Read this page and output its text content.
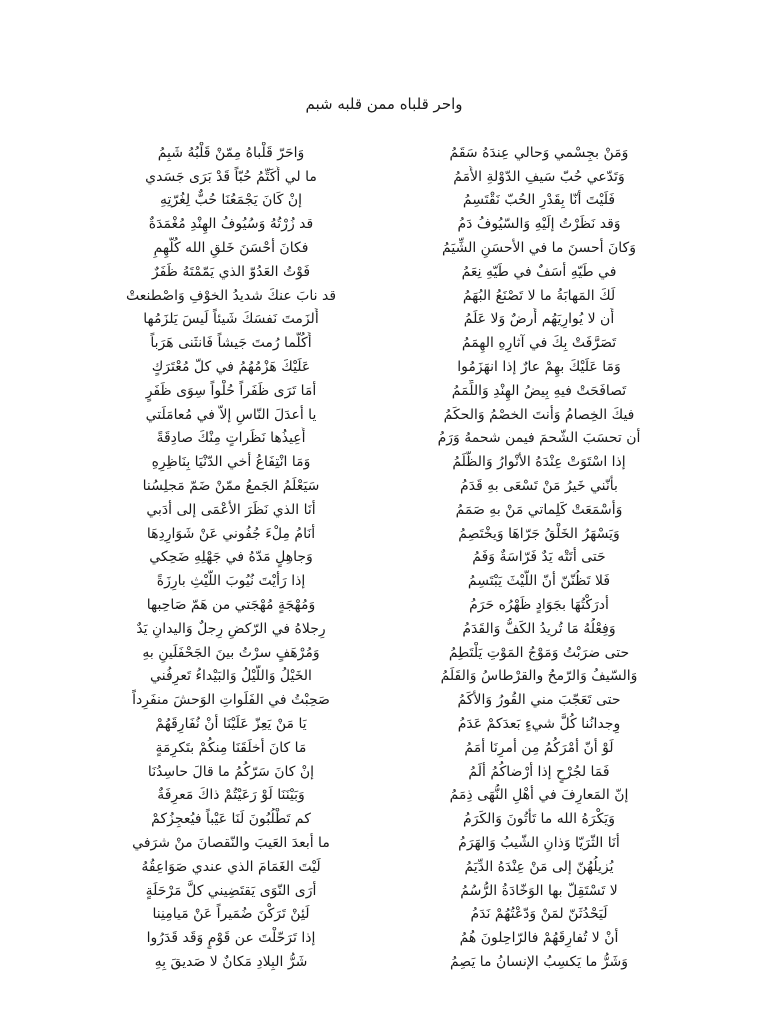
واحر قلباه ممن قلبه شبم
وَمَنْ بجِسْمي وَحالي عِندَهُ سَقَمُ
وَاحَرّ قَلْباهُ مِمّنْ قَلْبُهُ شَبِمُ
وَتَدّعي حُبّ سَيفِ الدّوْلةِ الأُمَمُ
ما لي أُكَتِّمُ حُبّاً قَدْ بَرَى جَسَدي
فَلَيْتَ أنّا بِقَدْرِ الحُبّ نَقْتَسِمُ
إنْ كَانَ يَجْمَعُنَا حُبٌّ لِغُرّتِهِ
وَقد نَظَرْتُ إلَيْهِ وَالسّيُوفُ دَمُ
قد زُرْتُهُ وَسُيُوفُ الهِنْدِ مُغْمَدَةٌ
وَكانَ أحسنَ ما في الأحسَنِ الشِّيَمُ
فكانَ أحْسَنَ خَلقِ الله كُلّهِمِ
في طَيّهِ أسَفٌ في طَيّهِ نِعَمُ
فَوْتُ العَدُوّ الذي يَمّمْتَهُ ظَفَرٌ
لَكَ المَهابَةُ ما لا تَصْنَعُ البُهَمُ
قد نابَ عنكَ شديدُ الخوْفِ وَاصْطنعتْ
أَن لا يُوارِيَهُم أَرضٌ وَلا عَلَمُ
أَلزَمتَ نَفسَكَ شَيئاً لَيسَ يَلزَمُها
تَصَرَّفَتْ بِكَ في آثارِهِ الهِمَمُ
أَكُلَّما رُمتَ جَيشاً فَانثَنى هَرَباً
وَمَا عَلَيْكَ بهِمْ عارٌ إذا انهَزَمُوا
عَلَيْكَ هَزْمُهُمُ في كلّ مُعْتَرَكٍ
تَصافَحَتْ فيهِ بِيضُ الهِنْدِ وَاللِّمَمُ
أمَا تَرَى ظَفَراً حُلْواً سِوَى ظَفَرٍ
فيكَ الخِصامُ وَأنتَ الخصْمُ وَالحكَمُ
يا أعدَلَ النّاسِ إلاّ في مُعامَلَتي
أن تحسَبَ الشّحمَ فيمن شحمهُ وَرَمُ
أُعِيذُها نَظَراتٍ مِنْكَ صادِقَةً
إذا اسْتَوَتْ عِنْدَهُ الأنْوارُ وَالظُّلَمُ
وَمَا انْتِفَاعُ أخي الدّنْيَا بِنَاظِرِهِ
بأنّني خَيرُ مَنْ تَسْعَى بهِ قَدَمُ
سَيَعْلَمُ الجَمعُ ممّنْ ضَمّ مَجلِسُنا
وَأسْمَعَتْ كَلِماتي مَنْ بهِ صَمَمُ
أنَا الذي نَظَرَ الأعْمَى إلى أدَبي
وَيَسْهَرُ الخَلْقُ جَرّاهَا وَيخْتَصِمُ
أنَامُ مِلْءَ جُفُوني عَنْ شَوَارِدِهَا
حَتى أتَتْه يَدٌ فَرّاسَةٌ وَفَمُ
وَجاهِلٍ مَدّهُ في جَهْلِهِ ضَحِكي
فَلا تَظُنّنّ أنّ اللّيْثَ يَبْتَسِمُ
إذا رَأيْتَ نُيُوبَ اللّيْثِ بارِزَةً
أدرَكْتُهَا بجَوَادٍ ظَهْرُه حَرَمُ
وَمُهْجَةٍ مُهْجَتي من هَمّ صَاحِبها
وَفِعْلُهُ مَا تُريدُ الكَفُّ وَالقَدَمُ
رِجلاهُ في الرّكضِ رِجلٌ وَاليدانِ يَدٌ
حتى ضرَبْتُ وَمَوْجُ المَوْتِ يَلْتَطِمُ
وَمُرْهَفٍ سرْتُ بينَ الجَحْفَلَينِ بهِ
وَالسّيفُ وَالرّمحُ والقرْطاسُ وَالقَلَمُ
الخَيْلُ وَاللّيْلُ وَالبَيْداءُ تَعرِفُني
حتى تَعَجّبَ مني القُورُ وَالأكَمُ
صَحِبْتُ في الفَلَواتِ الوَحشَ منفَرِداً
وِجدانُنا كُلَّ شيءٍ بَعدَكمْ عَدَمُ
يَا مَنْ يَعِزّ عَلَيْنَا أنْ نُفَارِقَهُمْ
لَوْ أنّ أمْرَكُمُ مِن أمرِنَا أمَمُ
مَا كانَ أخلَقَنَا مِنكُمْ بتَكرِمَةٍ
فَمَا لجُرْحٍ إذا أرْضاكُمُ ألَمُ
إنْ كانَ سَرّكُمُ ما قالَ حاسِدُنَا
إنّ المَعارِفَ في أهْلِ النُّهَى ذِمَمُ
وَبَيْنَنَا لَوْ رَعَيْتُمْ ذاكَ مَعرِفَةٌ
وَيَكْرَهُ الله ما تَأتُونَ وَالكَرَمُ
كم تَطْلُبُونَ لَنَا عَيْباً فيُعجِزُكمْ
أنَا الثّرَيّا وَذانِ الشّيبُ وَالهَرَمُ
ما أبعدَ العَيبَ والنّقصانَ منْ شرَفي
يُزيلُهُنّ إلى مَنْ عِنْدَهُ الدِّيَمُ
لَيْتَ الغَمَامَ الذي عندي صَوَاعِقُهُ
لا تَسْتَقِلّ بها الوَخّادَةُ الرُّسُمُ
أرَى النّوَى يَقتَضِيني كلَّ مَرْحَلَةٍ
لَيَحْدُثَنّ لمَنْ وَدّعْتُهُمْ نَدَمُ
لَئِنْ تَرَكْنَ ضُمَيراً عَنْ مَيامِنِنا
أنْ لا تُفارِقَهُمْ فالرّاحِلونَ هُمُ
إذا تَرَحّلْتَ عن قَوْمٍ وَقَد قَدَرُوا
وَشَرُّ ما يَكسِبُ الإنسانُ ما يَصِمُ
شَرُّ البِلادِ مَكانٌ لا صَديقَ بِهِ
